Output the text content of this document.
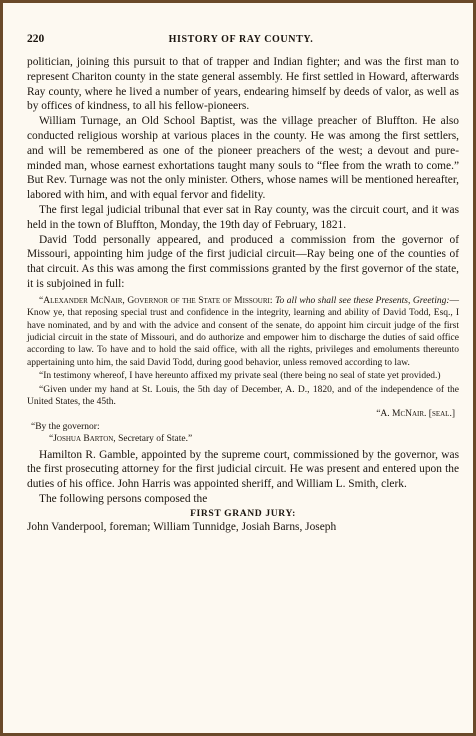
220	HISTORY OF RAY COUNTY.

politician, joining this pursuit to that of trapper and Indian fighter; and was the first man to represent Chariton county in the state general assembly. He first settled in Howard, afterwards Ray county, where he lived a number of years, endearing himself by deeds of valor, as well as by offices of kindness, to all his fellow-pioneers.

William Turnage, an Old School Baptist, was the village preacher of Bluffton. He also conducted religious worship at various places in the county. He was among the first settlers, and will be remembered as one of the pioneer preachers of the west; a devout and pure-minded man, whose earnest exhortations taught many souls to “flee from the wrath to come.” But Rev. Turnage was not the only minister. Others, whose names will be mentioned hereafter, labored with him, and with equal fervor and fidelity.

The first legal judicial tribunal that ever sat in Ray county, was the circuit court, and it was held in the town of Bluffton, Monday, the 19th day of February, 1821.

David Todd personally appeared, and produced a commission from the governor of Missouri, appointing him judge of the first judicial circuit—Ray being one of the counties of that circuit. As this was among the first commissions granted by the first governor of the state, it is subjoined in full:

“Alexander McNair, Governor of the State of Missouri: To all who shall see these Presents, Greeting:—Know ye, that reposing special trust and confidence in the integrity, learning and ability of David Todd, Esq., I have nominated, and by and with the advice and consent of the senate, do appoint him circuit judge of the first judicial circuit in the state of Missouri, and do authorize and empower him to discharge the duties of said office according to law. To have and to hold the said office, with all the rights, privileges and emoluments thereunto appertaining unto him, the said David Todd, during good behavior, unless removed according to law.

“In testimony whereof, I have hereunto affixed my private seal (there being no seal of state yet provided.)

“Given under my hand at St. Louis, the 5th day of December, A. D., 1820, and of the independence of the United States, the 45th.

“A. McNair. [seal.]

“By the governor:

“Joshua Barton, Secretary of State.”

Hamilton R. Gamble, appointed by the supreme court, commissioned by the governor, was the first prosecuting attorney for the first judicial circuit. He was present and entered upon the duties of his office. John Harris was appointed sheriff, and William L. Smith, clerk.

The following persons composed the

FIRST GRAND JURY:

John Vanderpool, foreman; William Tunnidge, Josiah Barns, Joseph
